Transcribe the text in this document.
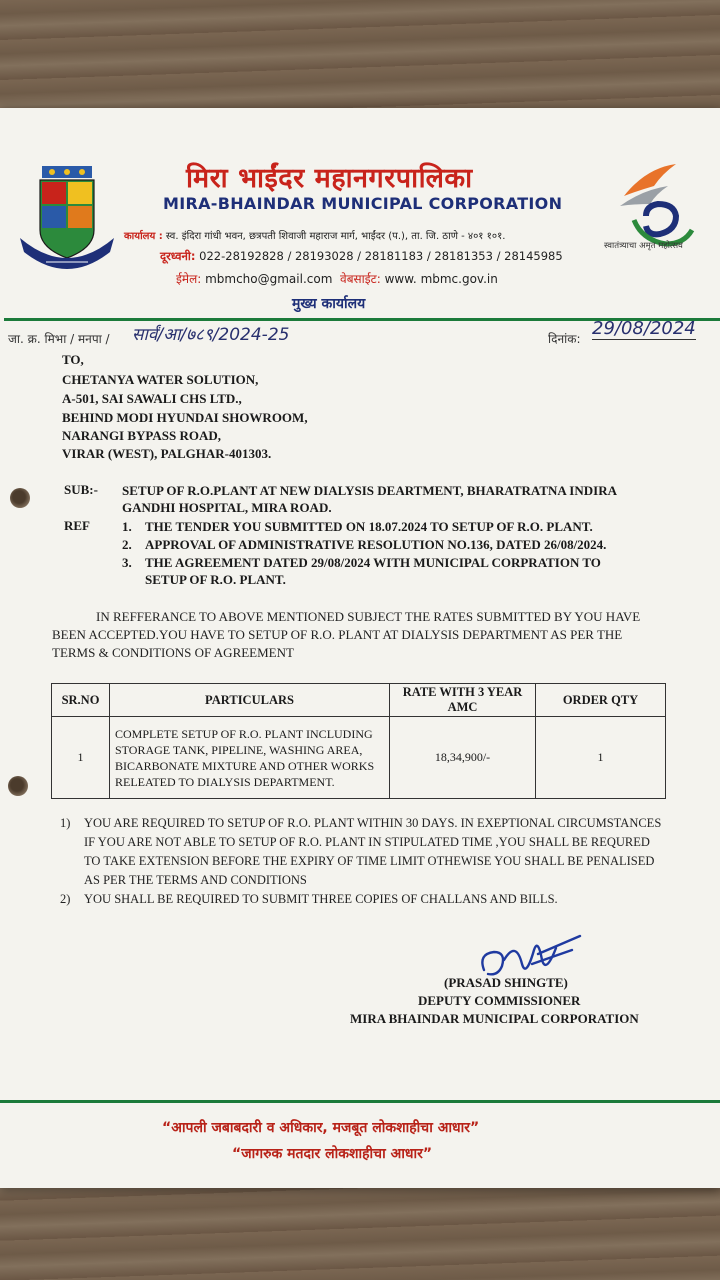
मिरा भाईंदर महानगरपालिका
MIRA-BHAINDAR MUNICIPAL CORPORATION
कार्यालय : स्व. इंदिरा गांधी भवन, छत्रपती शिवाजी महाराज मार्ग, भाईंदर (प.), ता. जि. ठाणे - ४०१ १०१.
दूरध्वनी: 022-28192828 / 28193028 / 28181183 / 28181353 / 28145985
ईमेल: mbmcho@gmail.com वेबसाईट: www. mbmc.gov.in
स्वातंत्र्याचा अमृत महोत्सव
मुख्य कार्यालय
जा. क्र. मिभा / मनपा / सार्वं/आ/७८९/2024-25	दिनांक: 29/08/2024
TO,
CHETANYA WATER SOLUTION,
A-501, SAI SAWALI CHS LTD.,
BEHIND MODI HYUNDAI SHOWROOM,
NARANGI BYPASS ROAD,
VIRAR (WEST), PALGHAR-401303.
SUB:- SETUP OF R.O.PLANT AT NEW DIALYSIS DEARTMENT, BHARATRATNA INDIRA GANDHI HOSPITAL, MIRA ROAD.
REF 1. THE TENDER YOU SUBMITTED ON 18.07.2024 TO SETUP OF R.O. PLANT.
2. APPROVAL OF ADMINISTRATIVE RESOLUTION NO.136, DATED 26/08/2024.
3. THE AGREEMENT DATED 29/08/2024 WITH MUNICIPAL CORPRATION TO
SETUP OF R.O. PLANT.
IN REFFERANCE TO ABOVE MENTIONED SUBJECT THE RATES SUBMITTED BY YOU HAVE BEEN ACCEPTED.YOU HAVE TO SETUP OF R.O. PLANT AT DIALYSIS DEPARTMENT AS PER THE TERMS & CONDITIONS OF AGREEMENT
SR.NO	PARTICULARS	RATE WITH 3 YEAR AMC	ORDER QTY
1	COMPLETE SETUP OF R.O. PLANT INCLUDING STORAGE TANK, PIPELINE, WASHING AREA, BICARBONATE MIXTURE AND OTHER WORKS RELEATED TO DIALYSIS DEPARTMENT.	18,34,900/-	1
1) YOU ARE REQUIRED TO SETUP OF R.O. PLANT WITHIN 30 DAYS. IN EXEPTIONAL CIRCUMSTANCES IF YOU ARE NOT ABLE TO SETUP OF R.O. PLANT IN STIPULATED TIME ,YOU SHALL BE REQURED TO TAKE EXTENSION BEFORE THE EXPIRY OF TIME LIMIT OTHEWISE YOU SHALL BE PENALISED AS PER THE TERMS AND CONDITIONS
2) YOU SHALL BE REQUIRED TO SUBMIT THREE COPIES OF CHALLANS AND BILLS.
(PRASAD SHINGTE)
DEPUTY COMMISSIONER
MIRA BHAINDAR MUNICIPAL CORPORATION
“आपली जबाबदारी व अधिकार, मजबूत लोकशाहीचा आधार”
“जागरुक मतदार लोकशाहीचा आधार”
